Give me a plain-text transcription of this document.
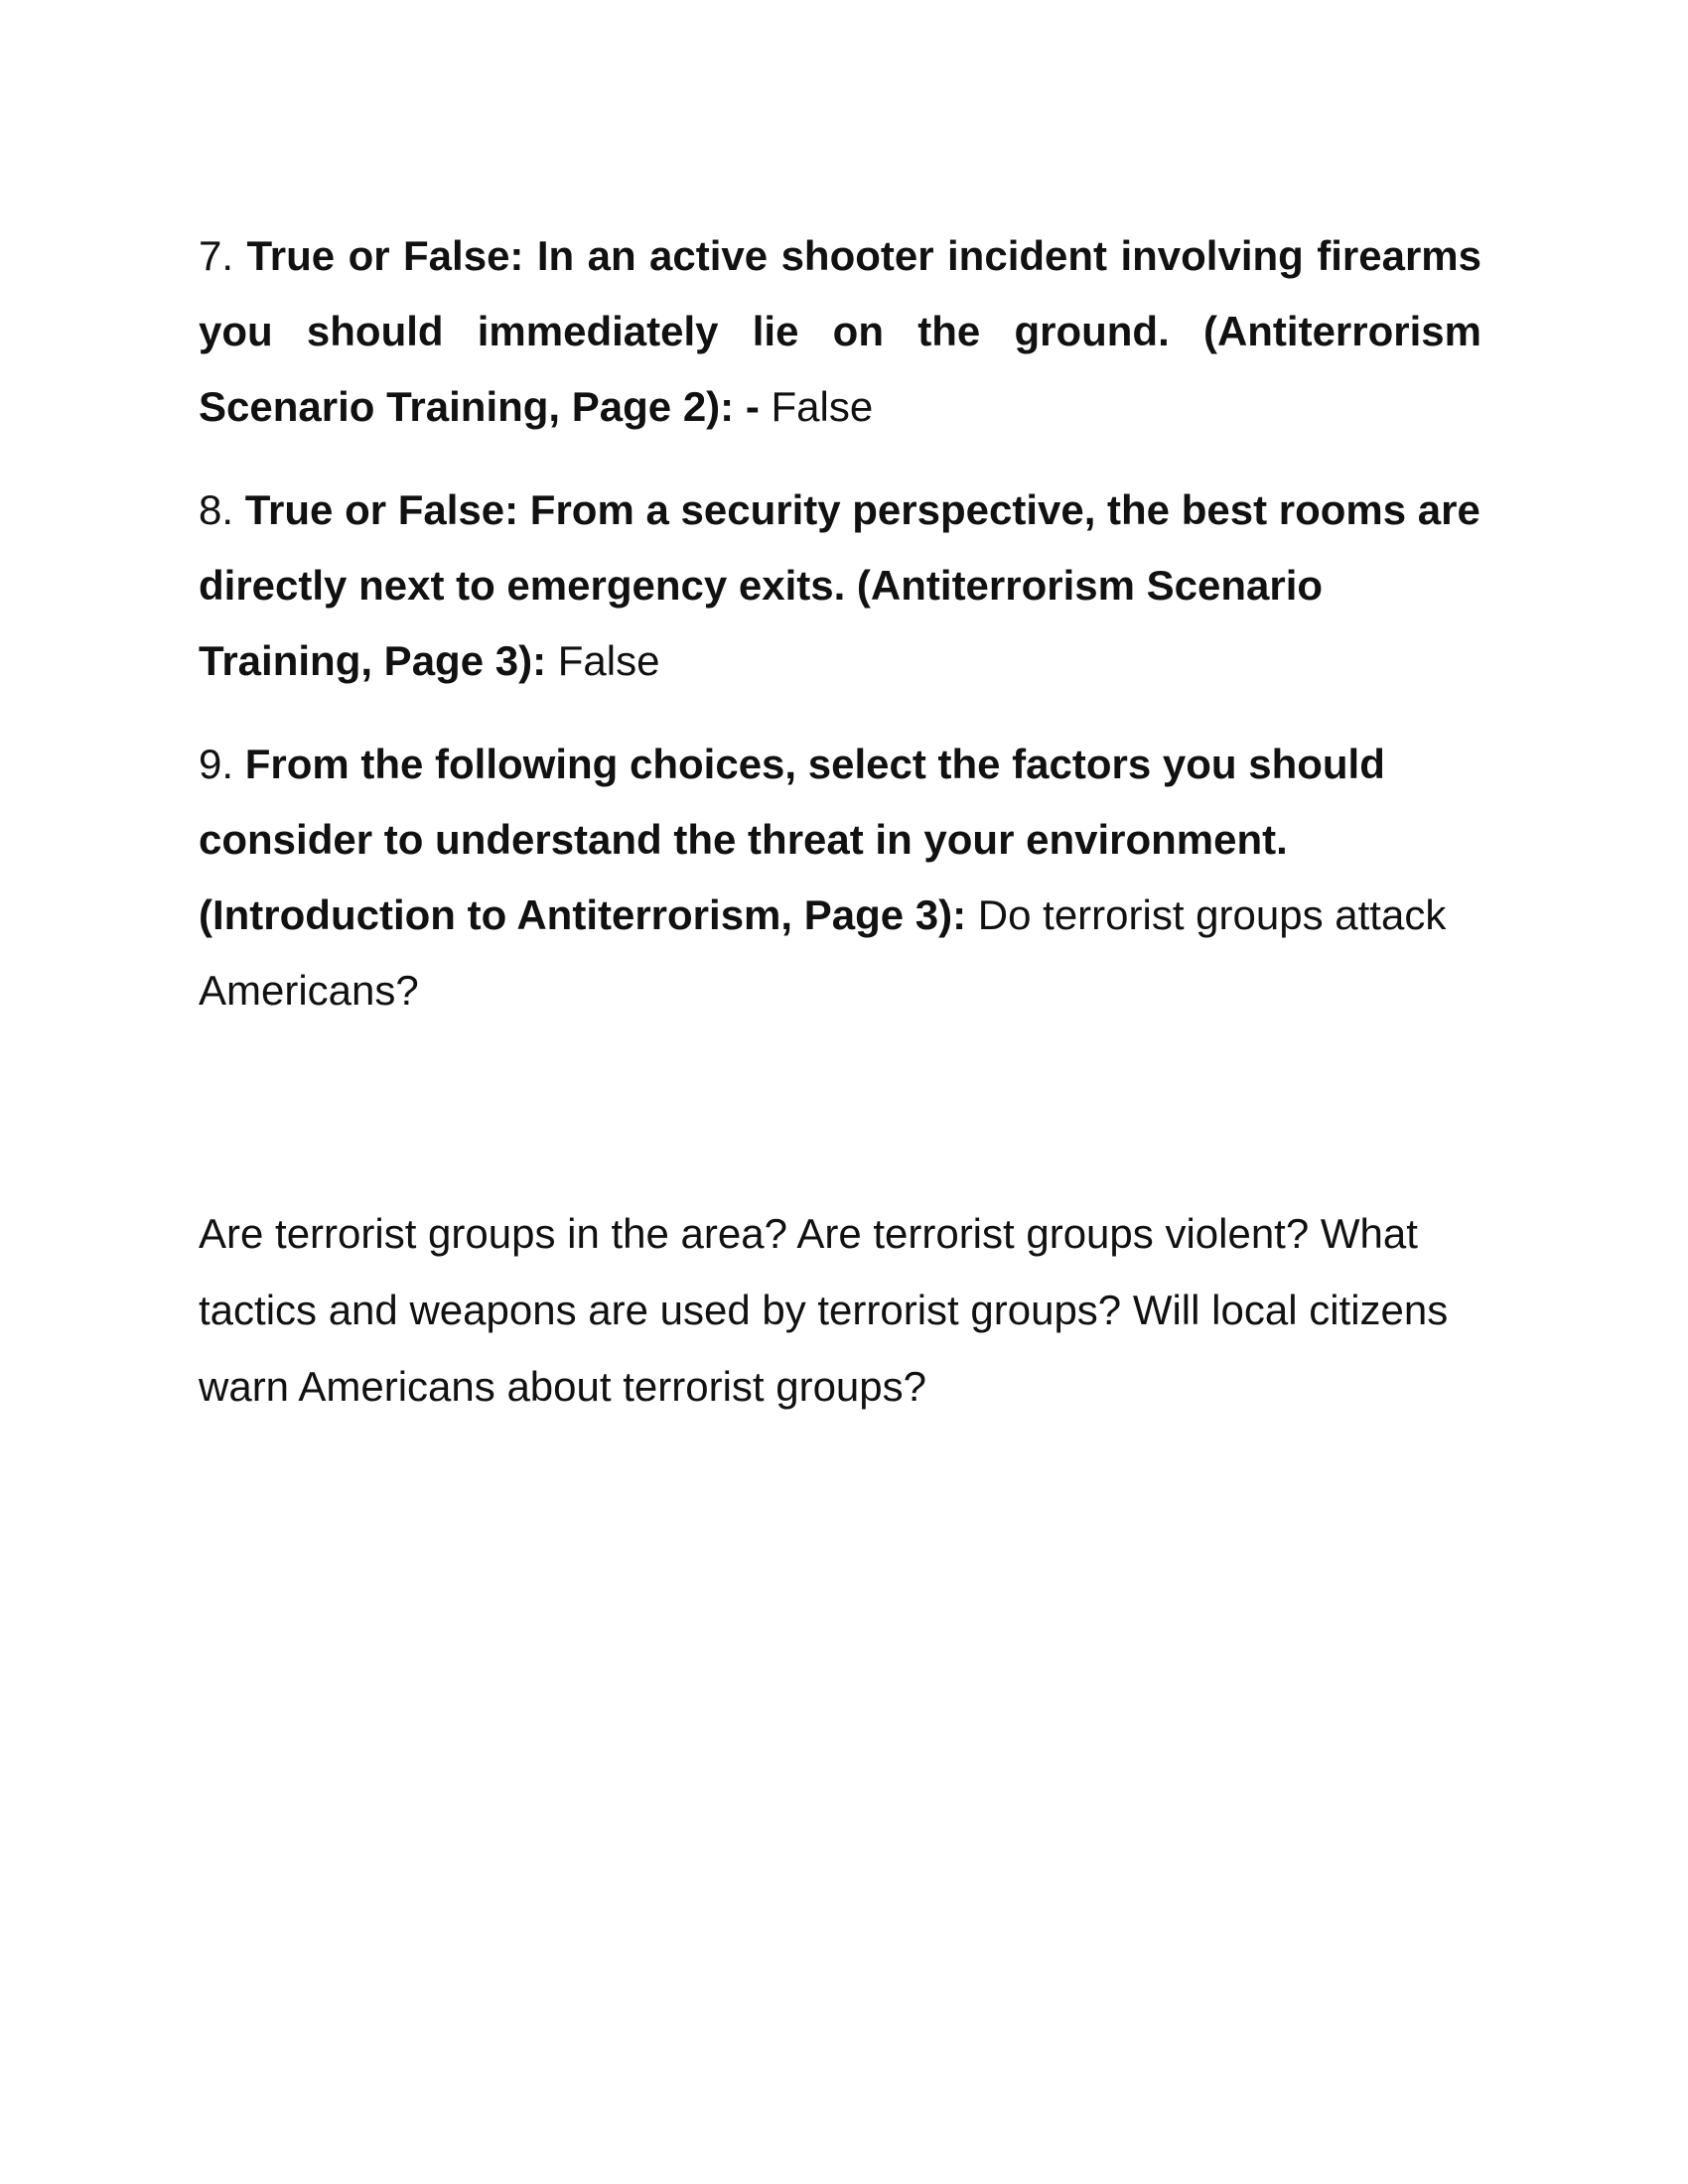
7. True or False: In an active shooter incident involving firearms you should immediately lie on the ground. (Antiterrorism Scenario Training, Page 2): - False

8. True or False: From a security perspective, the best rooms are directly next to emergency exits. (Antiterrorism Scenario Training, Page 3): False

9. From the following choices, select the factors you should consider to understand the threat in your environment. (Introduction to Antiterrorism, Page 3): Do terrorist groups attack Americans?

Are terrorist groups in the area? Are terrorist groups violent? What tactics and weapons are used by terrorist groups? Will local citizens warn Americans about terrorist groups?
